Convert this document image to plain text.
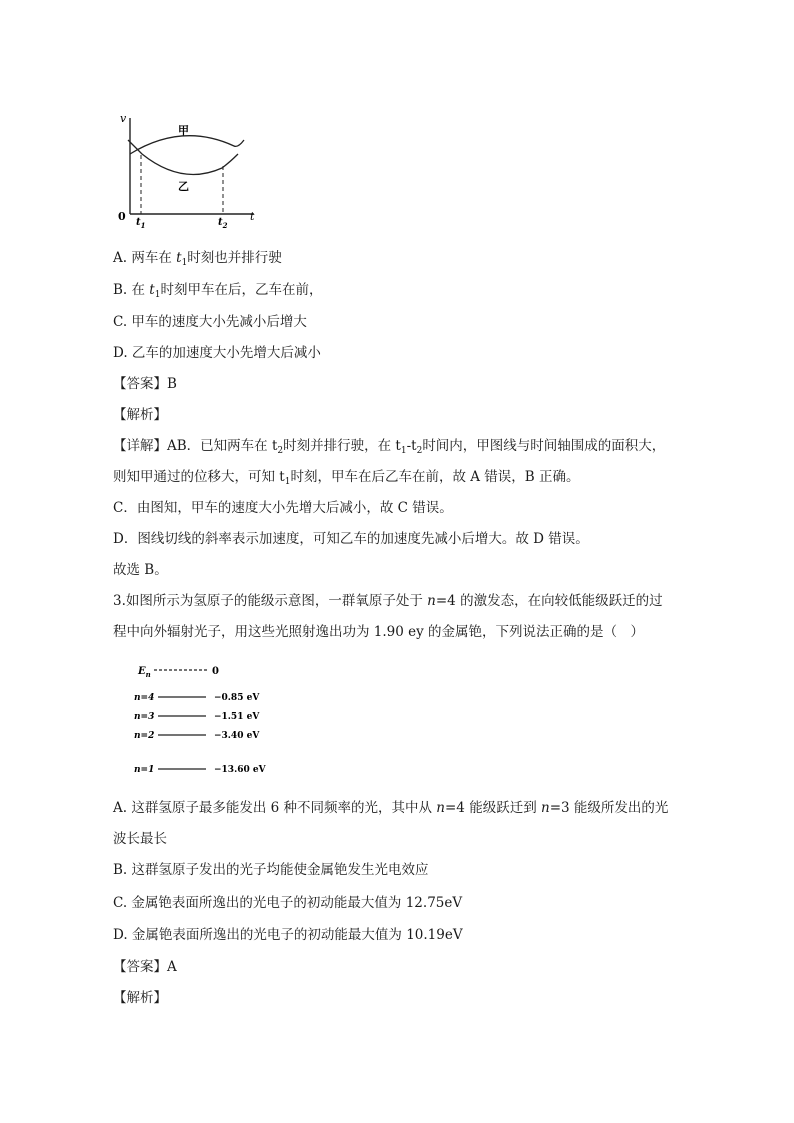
v
t
0
甲
乙
$t_1$	$t_2$
A. 两车在 $t_1$时刻也并排行驶
B. 在 $t_1$时刻甲车在后，乙车在前，
C. 甲车的速度大小先减小后增大
D. 乙车的加速度大小先增大后减小
【答案】B
【解析】
【详解】AB．已知两车在 $t_2$时刻并排行驶，在 $t_1-t_2$时间内，甲图线与时间轴围成的面积大，
则知甲通过的位移大，可知 $t_1$时刻，甲车在后乙车在前，故 A 错误，B 正确。
C．由图知，甲车的速度大小先增大后减小，故 C 错误。
D．图线切线的斜率表示加速度，可知乙车的加速度先减小后增大。故 D 错误。
故选 B。
3.如图所示为氢原子的能级示意图，一群氧原子处于 n=4 的激发态，在向较低能级跃迁的过
程中向外辐射光子，用这些光照射逸出功为 1.90 ey 的金属铯，下列说法正确的是（　）
$E_n$	0
n=4	−0.85 eV
n=3	−1.51 eV
n=2	−3.40 eV
n=1	−13.60 eV
A. 这群氢原子最多能发出 6 种不同频率的光，其中从 n=4 能级跃迁到 n=3 能级所发出的光
波长最长
B. 这群氢原子发出的光子均能使金属铯发生光电效应
C. 金属铯表面所逸出的光电子的初动能最大值为 12.75eV
D. 金属铯表面所逸出的光电子的初动能最大值为 10.19eV
【答案】A
【解析】
